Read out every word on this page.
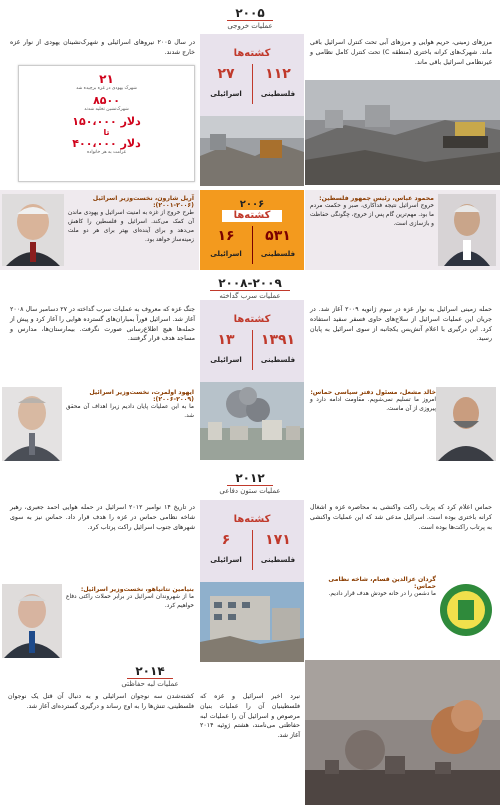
۲۰۰۵
عملیات خروجی
مرزهای زمینی، حریم هوایی و مرزهای آبی تحت کنترل اسرائیل باقی ماند. شهرک‌های کرانه باختری (منطقه C) تحت کنترل کامل نظامی و غیرنظامی اسرائیل باقی ماند.
در سال ۲۰۰۵ نیروهای اسرائیلی و شهرک‌نشینان یهودی از نوار غزه خارج شدند.	کشته‌ها
۱۱۲
۲۷
فلسطینی
اسرائیلی
۲۱
شهرک یهودی در غزه برچیده شد
۸۵۰۰
شهرک‌نشین تخلیه شدند
۱۵۰،۰۰۰ دلار
تا
۴۰۰،۰۰۰ دلار
غرامت به هر خانواده
محمود عباس، رئیس جمهور فلسطین:
خروج اسرائیل نتیجه فداکاری، صبر و حکمت مردم ما بود. مهم‌ترین گام پس از خروج، چگونگی حفاظت و بازسازی است.
۲۰۰۶
کشته‌ها
۵۳۱
۱۶
فلسطینی
اسرائیلی
آریل شارون، نخست‌وزیر اسرائیل (۲۰۰۶-۲۰۰۱):
طرح خروج از غزه به امنیت اسرائیل و یهودی ماندن آن کمک می‌کند. اسرائیل و فلسطین را کاهش می‌دهد و برای آینده‌ای بهتر برای هر دو ملت زمینه‌ساز خواهد بود.
۲۰۰۸-۲۰۰۹
عملیات سرب گداخته
حمله زمینی اسرائیل به نوار غزه در سوم ژانویه ۲۰۰۹ آغاز شد. در جریان این عملیات اسرائیل از سلاح‌های حاوی فسفر سفید استفاده کرد. این درگیری با اعلام آتش‌بس یکجانبه از سوی اسرائیل به پایان رسید.
جنگ غزه که معروف به عملیات سرب گداخته در ۲۷ دسامبر سال ۲۰۰۸ آغاز شد. اسرائیل فوراً بمباران‌های گسترده هوایی را آغاز کرد و پیش از حمله‌ها هیچ اطلاع‌رسانی صورت نگرفت. بیمارستان‌ها، مدارس و مساجد هدف قرار گرفتند.
کشته‌ها
۱۳۹۱
۱۳
فلسطینی
اسرائیلی
ایهود اولمرت، نخست‌وزیر اسرائیل (۲۰۰۹-۲۰۰۶):
ما به این عملیات پایان دادیم زیرا اهداف آن محقق شد.
خالد مشعل، مسئول دفتر سیاسی حماس:
امروز ما تسلیم نمی‌شویم. مقاومت ادامه دارد و پیروزی از آن ماست.
۲۰۱۲
عملیات ستون دفاعی
حماس اعلام کرد که پرتاب راکت واکنشی به محاصره غزه و اشغال کرانه باختری بوده است. اسرائیل مدعی شد که این عملیات واکنشی به پرتاب راکت‌ها بوده است.
در تاریخ ۱۴ نوامبر ۲۰۱۲ اسرائیل در حمله هوایی احمد جعبری، رهبر شاخه نظامی حماس در غزه را هدف قرار داد. حماس نیز به سوی شهرهای جنوب اسرائیل راکت پرتاب کرد.
کشته‌ها
۱۷۱
۶
فلسطینی
اسرائیلی
بنیامین نتانیاهو، نخست‌وزیر اسرائیل:
ما از شهروندان اسرائیل در برابر حملات راکتی دفاع خواهیم کرد.
گردان عزالدین قسام، شاخه نظامی حماس:
ما دشمن را در خانه خودش هدف قرار دادیم.
۲۰۱۴
عملیات لبه حفاظتی
نبرد اخیر اسرائیل و غزه که فلسطینیان آن را عملیات بنیان مرصوص و اسرائیل آن را عملیات لبه حفاظتی می‌نامند، هشتم ژوئیه ۲۰۱۴ آغاز شد.
کشته‌شدن سه نوجوان اسرائیلی و به دنبال آن قتل یک نوجوان فلسطینی، تنش‌ها را به اوج رساند و درگیری گسترده‌ای آغاز شد.
